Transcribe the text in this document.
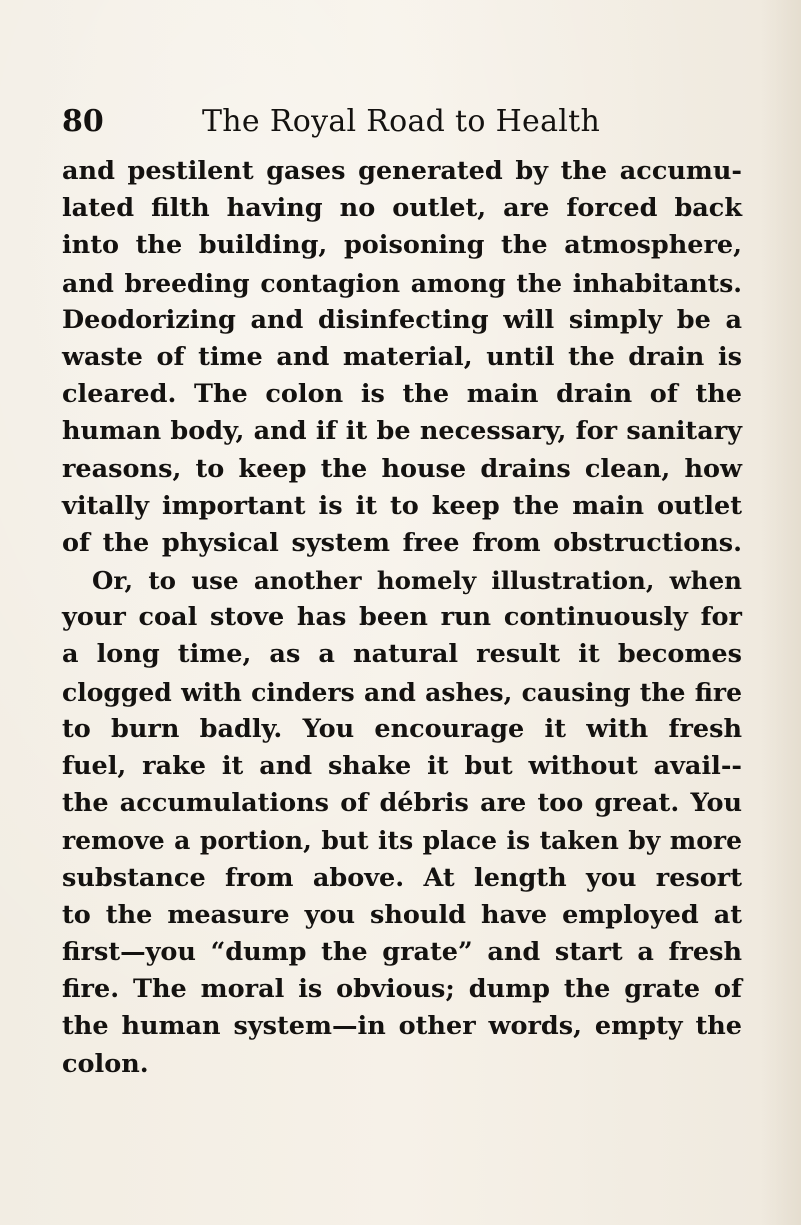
80	The Royal Road to Health
and pestilent gases generated by the accumu-
lated filth having no outlet, are forced back
into the building, poisoning the atmosphere,
and breeding contagion among the inhabitants.
Deodorizing and disinfecting will simply be a
waste of time and material, until the drain is
cleared. The colon is the main drain of the
human body, and if it be necessary, for sanitary
reasons, to keep the house drains clean, how
vitally important is it to keep the main outlet
of the physical system free from obstructions.
Or, to use another homely illustration, when
your coal stove has been run continuously for
a long time, as a natural result it becomes
clogged with cinders and ashes, causing the fire
to burn badly. You encourage it with fresh
fuel, rake it and shake it but without avail--
the accumulations of débris are too great. You
remove a portion, but its place is taken by more
substance from above. At length you resort
to the measure you should have employed at
first—you “dump the grate” and start a fresh
fire. The moral is obvious; dump the grate of
the human system—in other words, empty the
colon.
